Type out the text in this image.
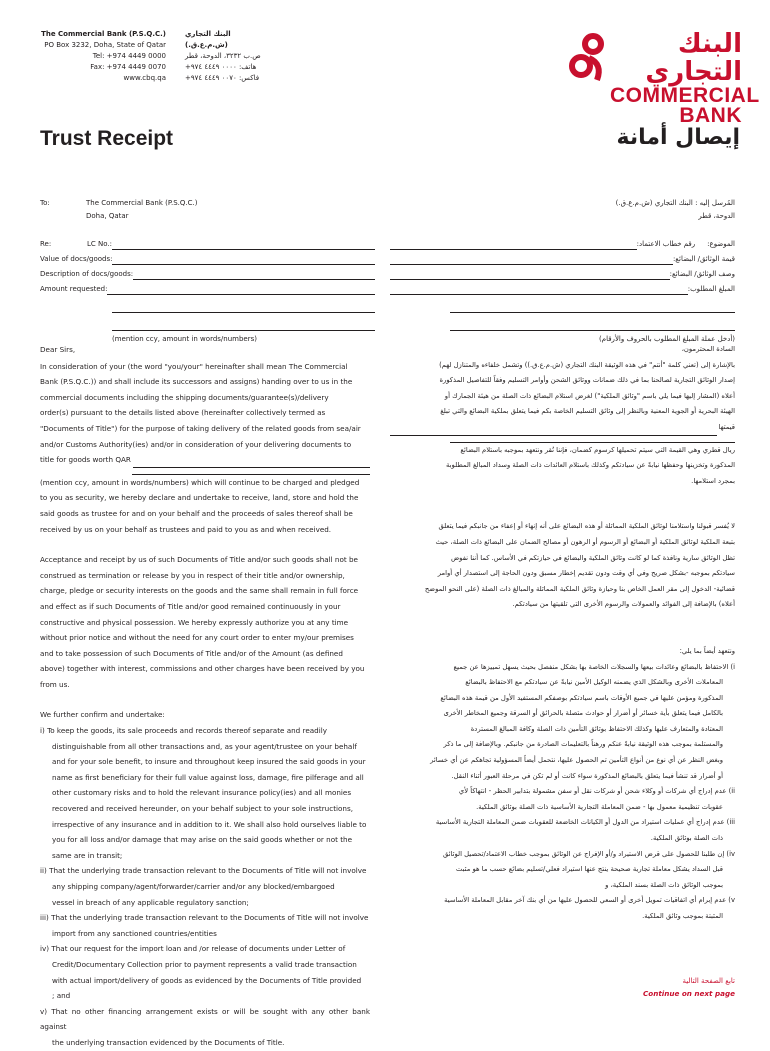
The Commercial Bank (P.S.Q.C.)
PO Box 3232, Doha, State of Qatar
Tel: +974 4449 0000
Fax: +974 4449 0070
www.cbq.qa
البنك التجاري (ش.م.ع.ق.)
ص.ب ٣٢٣٢، الدوحة، قطر
هاتف: ٠٠٠٠ ٤٤٤٩ ٩٧٤+
فاكس: ٠٠٧٠ ٤٤٤٩ ٩٧٤+
البنك التجاري
COMMERCIAL
BANK
Trust Receipt	إيصال أمانة
To:	The Commercial Bank (P.S.Q.C.)
Doha, Qatar
المُرسل إليه : البنك التجاري (ش.م.ع.ق.)
الدوحة، قطر
Re:	LC No.:
Value of docs/goods:
Description of docs/goods:
Amount requested:
(mention ccy, amount in words/numbers)
الموضوع:
رقم خطاب الاعتماد:
قيمة الوثائق/ البضائع:
وصف الوثائق/ البضائع:
المبلغ المطلوب:
(أدخل عملة المبلغ المطلوب بالحروف والأرقام)
Dear Sirs,
In consideration of your (the word "you/your" hereinafter shall mean The Commercial
Bank (P.S.Q.C.)) and shall include its successors and assigns) handing over to us in the
commercial documents including the shipping documents/guarantee(s)/delivery
order(s) pursuant to the details listed above (hereinafter collectively termed as
"Documents of Title") for the purpose of taking delivery of the related goods from sea/air
and/or Customs Authority(ies) and/or in consideration of your delivering documents to
title for goods worth QAR
(mention ccy, amount in words/numbers) which will continue to be charged and pledged
to you as security, we hereby declare and undertake to receive, land, store and hold the
said goods as trustee for and on your behalf and the proceeds of sales thereof shall be
received by us on your behalf as trustees and paid to you as and when received.
Acceptance and receipt by us of such Documents of Title and/or such goods shall not be
construed as termination or release by you in respect of their title and/or ownership,
charge, pledge or security interests on the goods and the same shall remain in full force
and effect as if such Documents of Title and/or good remained continuously in your
constructive and physical possession. We hereby expressly authorize you at any time
without prior notice and without the need for any court order to enter my/our premises
and to take possession of such Documents of Title and/or of the Amount (as defined
above) together with interest, commissions and other charges have been received by you
from us.
We further confirm and undertake:
i) To keep the goods, its sale proceeds and records thereof separate and readily
distinguishable from all other transactions and, as your agent/trustee on your behalf
and for your sole benefit, to insure and throughout keep insured the said goods in your
name as first beneficiary for their full value against loss, damage, fire pilferage and all
other customary risks and to hold the relevant insurance policy(ies) and all monies
recovered and received hereunder, on your behalf subject to your sole instructions,
irrespective of any insurance and in addition to it. We shall also hold ourselves liable to
you for all loss and/or damage that may arise on the said goods whether or not the
same are in transit;
ii) That the underlying trade transaction relevant to the Documents of Title will not involve
any shipping company/agent/forwarder/carrier and/or any blocked/embargoed
vessel in breach of any applicable regulatory sanction;
iii) That the underlying trade transaction relevant to the Documents of Title will not involve
import from any sanctioned countries/entities
iv) That our request for the import loan and /or release of documents under Letter of
Credit/Documentary Collection prior to payment represents a valid trade transaction
with actual import/delivery of goods as evidenced by the Documents of Title provided
; and
v) That no other financing arrangement exists or will be sought with any other bank against
the underlying transaction evidenced by the Documents of Title.
السادة المحترمون،
بالإشارة إلى (تعني كلمة "أنتم" في هذه الوثيقة البنك التجاري (ش.م.ع.ق.)) وتشمل خلفاءه والمتنازل لهم)
إصدار الوثائق التجارية لصالحنا بما في ذلك ضمانات ووثائق الشحن وأوامر التسليم وفقاً للتفاصيل المذكورة
أعلاه (المشار إليها فيما يلي باسم "وثائق الملكية") لغرض استلام البضائع ذات الصلة من هيئة الجمارك أو
الهيئة البحرية أو الجوية المعنية وبالنظر إلى وثائق التسليم الخاصة بكم فيما يتعلق بملكية البضائع والتي تبلغ
قيمتها
ريال قطري وهي القيمة التي سيتم تحميلها كرسوم كضمان، فإننا نُقر ونتعهد بموجبه باستلام البضائع
المذكورة وتخزينها وحفظها نيابةً عن سيادتكم وكذلك باستلام العائدات ذات الصلة وسداد المبالغ المطلوبة
بمجرد استلامها.
لا يُفسر قبولنا واستلامنا لوثائق الملكية المماثلة أو هذه البضائع على أنه إنهاء أو إعفاء من جانبكم فيما يتعلق
بتبعة الملكية لوثائق الملكية أو البضائع أو الرسوم أو الرهون أو مصالح الضمان على البضائع ذات الصلة، حيث
تظل الوثائق سارية ونافذة كما لو كانت وثائق الملكية والبضائع في حيازتكم في الأساس. كما أننا نفوض
سيادتكم بموجبه -بشكل صريح وفي أي وقت ودون تقديم إخطار مسبق ودون الحاجة إلى استصدار أي أوامر
قضائية- الدخول إلى مقر العمل الخاص بنا وحيازة وثائق الملكية المماثلة والمبالغ ذات الصلة (على النحو الموضح
أعلاه) بالإضافة إلى الفوائد والعمولات والرسوم الأخرى التي تلقيتها من سيادتكم.
ونتعهد أيضاً بما يلي:
i) الاحتفاظ بالبضائع وعائدات بيعها والسجلات الخاصة بها بشكل منفصل بحيث يسهل تمييزها عن جميع
المعاملات الأخرى وبالشكل الذي يضمنه الوكيل الأمين نيابةً عن سيادتكم مع الاحتفاظ بالبضائع
المذكورة ومؤمن عليها في جميع الأوقات باسم سيادتكم بوصفكم المستفيد الأول من قيمة هذه البضائع
بالكامل فيما يتعلق بأية خسائر أو أضرار أو حوادث متصلة بالحرائق أو السرقة وجميع المخاطر الأخرى
المعتادة والمتعارف عليها وكذلك الاحتفاظ بوثائق التأمين ذات الصلة وكافة المبالغ المستردة
والمستلمة بموجب هذه الوثيقة نيابةً عنكم ورهناً بالتعليمات الصادرة من جانبكم. وبالإضافة إلى ما ذكر
وبغض النظر عن أي نوع من أنواع التأمين تم الحصول عليها، نتحمل أيضاً المسؤولية تجاهكم عن أي خسائر
أو أضرار قد تنشأ فيما يتعلق بالبضائع المذكورة سواء كانت أو لم تكن في مرحلة العبور أثناء النقل.
ii) عدم إدراج أي شركات أو وكلاء شحن أو شركات نقل أو سفن مشمولة بتدابير الحظر - انتهاكاً لأي
عقوبات تنظيمية معمول بها - ضمن المعاملة التجارية الأساسية ذات الصلة بوثائق الملكية.
iii) عدم إدراج أي عمليات استيراد من الدول أو الكيانات الخاضعة للعقوبات ضمن المعاملة التجارية الأساسية
ذات الصلة بوثائق الملكية.
iv) إن طلبنا للحصول على قرض الاستيراد و/أو الإفراج عن الوثائق بموجب خطاب الاعتماد/تحصيل الوثائق
قبل السداد يشكل معاملة تجارية صحيحة ينتج عنها استيراد فعلي/تسليم بضائع حسب ما هو مثبت
بموجب الوثائق ذات الصلة بسند الملكية، و
v) عدم إبرام أي اتفاقيات تمويل أخرى أو السعي للحصول عليها من أي بنك آخر مقابل المعاملة الأساسية
المثبتة بموجب وثائق الملكية.
تابع الصفحة التالية
Continue on next page
